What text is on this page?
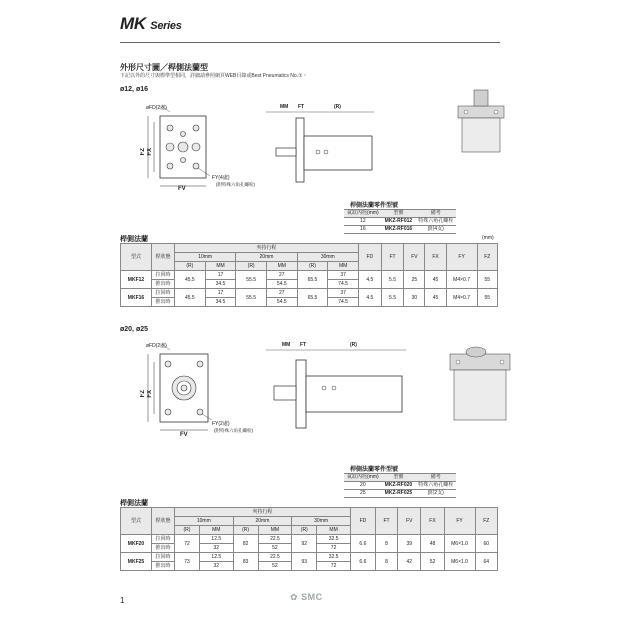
MK Series
外形尺寸圖／桿側法蘭型
下記以外的尺寸與標準型相同，詳細請參照網頁WEB目錄或Best Pneumatics No.①・
ø12, ø16
øFD(2處)
FZ FX
FV
FY(4處)
(附特殊六角孔螺栓)
MM FT	(R)
桿側法蘭零件型號
氣缸內徑(mm)	型號	備考
12	MKZ-RF012	特殊六角孔螺栓
16	MKZ-RF016	(附4支)
桿側法蘭	(mm)
型式	桿狀態	夾持行程						FD	FT	FV	FX	FY	FZ
		10mm		20mm		30mm							
		(R)	MM	(R)	MM	(R)	MM						
MKF12	拉回時	45.5	17	55.5	27	65.5	37	4.5	5.5	25	45	M4×0.7	55
	推出時		34.5		54.5		74.5						
MKF16	拉回時	45.5	17	55.5	27	65.5	37	4.5	5.5	30	45	M4×0.7	55
	推出時		34.5		54.5		74.5						
ø20, ø25
øFD(2處)
FZ FX
FV
FY(2處)
(附特殊六角孔螺栓)
MM FT	(R)
桿側法蘭零件型號
氣缸內徑(mm)	型號	備考
20	MKZ-RF020	特殊六角孔螺栓
25	MKZ-RF025	(附2支)
桿側法蘭
型式	桿狀態	夾持行程						FD	FT	FV	FX	FY	FZ
		10mm		20mm		30mm							
		(R)	MM	(R)	MM	(R)	MM						
MKF20	拉回時	72	12.5	82	22.5	92	32.5	6.6	8	39	48	M6×1.0	60
	推出時		32		52		72						
MKF25	拉回時	73	12.5	83	22.5	93	32.5	6.6	8	42	52	M6×1.0	64
	推出時		32		52		72						
1	✿ SMC
